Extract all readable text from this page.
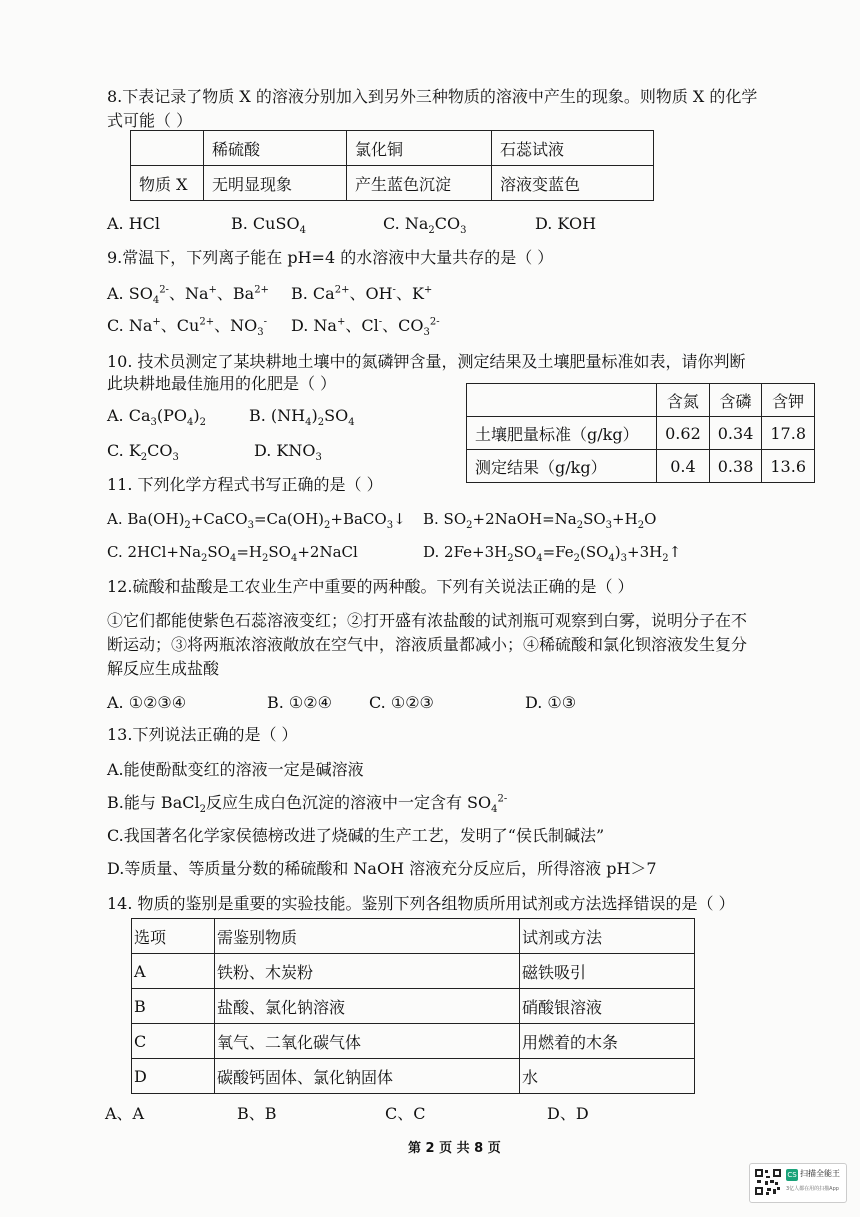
8.下表记录了物质 X 的溶液分别加入到另外三种物质的溶液中产生的现象。则物质 X 的化学
式可能（ ）
	稀硫酸	氯化铜	石蕊试液
物质 X	无明显现象	产生蓝色沉淀	溶液变蓝色
A. HCl	B. CuSO$_4$	C. $Na_2CO_3$	D. KOH
9.常温下，下列离子能在 pH=4 的水溶液中大量共存的是（ ）
A. $SO_4^{2-}$、Na+、$Ba^{2+}$ B. $Ca^{2+}$、OH-、K+
C. Na+、$Cu^{2+}$、$NO_3^-$ D. Na+、Cl-、$CO_3^{2-}$
10. 技术员测定了某块耕地土壤中的氮磷钾含量，测定结果及土壤肥量标准如表，请你判断
此块耕地最佳施用的化肥是（ ）
	含氮	含磷	含钾
土壤肥量标准（g/kg）	0.62	0.34	17.8
测定结果（g/kg）	0.4	0.38	13.6
A. $Ca_3(PO_4)_2$	B. $(NH_4)_2SO_4$
C. $K_2CO_3$	D. $KNO_3$
11. 下列化学方程式书写正确的是（ ）
A. $Ba(OH)_2+CaCO_3=Ca(OH)_2+BaCO_3↓$ B. $SO_2+2NaOH=Na_2SO_3+H_2O$
C. $2HCl+Na_2SO_4=H_2SO_4+2NaCl$	D. $2Fe+3H_2SO_4=Fe_2(SO_4)_3+3H_2↑$
12.硫酸和盐酸是工农业生产中重要的两种酸。下列有关说法正确的是（ ）
①它们都能使紫色石蕊溶液变红；②打开盛有浓盐酸的试剂瓶可观察到白雾，说明分子在不
断运动；③将两瓶浓溶液敞放在空气中，溶液质量都减小；④稀硫酸和氯化钡溶液发生复分
解反应生成盐酸
A. ①②③④	B. ①②④ C. ①②③	D. ①③
13.下列说法正确的是（ ）
A.能使酚酞变红的溶液一定是碱溶液
B.能与 BaCl$_2$反应生成白色沉淀的溶液中一定含有 $SO_4^{2-}$
C.我国著名化学家侯德榜改进了烧碱的生产工艺，发明了“侯氏制碱法”
D.等质量、等质量分数的稀硫酸和 NaOH 溶液充分反应后，所得溶液 pH＞7
14. 物质的鉴别是重要的实验技能。鉴别下列各组物质所用试剂或方法选择错误的是（ ）
选项	需鉴别物质	试剂或方法
A	铁粉、木炭粉	磁铁吸引
B	盐酸、氯化钠溶液	硝酸银溶液
C	氧气、二氧化碳气体	用燃着的木条
D	碳酸钙固体、氯化钠固体	水
A、A	B、B	C、C	D、D
第 2 页 共 8 页
CS 扫描全能王
3亿人都在用的扫描App
